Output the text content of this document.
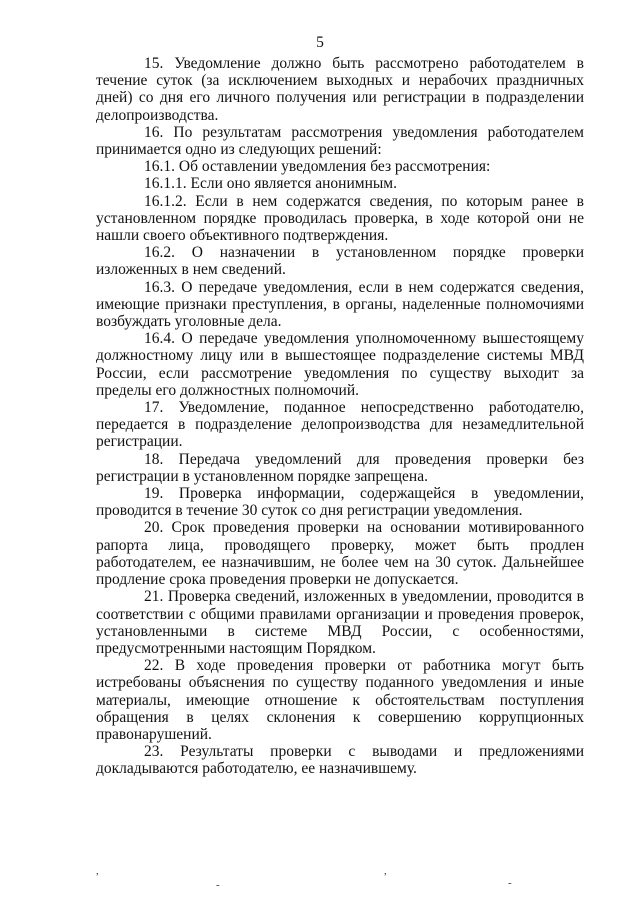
5

15. Уведомление должно быть рассмотрено работодателем в течение суток (за исключением выходных и нерабочих праздничных дней) со дня его личного получения или регистрации в подразделении делопроизводства.

16. По результатам рассмотрения уведомления работодателем принимается одно из следующих решений:

16.1. Об оставлении уведомления без рассмотрения:

16.1.1. Если оно является анонимным.

16.1.2. Если в нем содержатся сведения, по которым ранее в установленном порядке проводилась проверка, в ходе которой они не нашли своего объективного подтверждения.

16.2. О назначении в установленном порядке проверки изложенных в нем сведений.

16.3. О передаче уведомления, если в нем содержатся сведения, имеющие признаки преступления, в органы, наделенные полномочиями возбуждать уголовные дела.

16.4. О передаче уведомления уполномоченному вышестоящему должностному лицу или в вышестоящее подразделение системы МВД России, если рассмотрение уведомления по существу выходит за пределы его должностных полномочий.

17. Уведомление, поданное непосредственно работодателю, передается в подразделение делопроизводства для незамедлительной регистрации.

18. Передача уведомлений для проведения проверки без регистрации в установленном порядке запрещена.

19. Проверка информации, содержащейся в уведомлении, проводится в течение 30 суток со дня регистрации уведомления.

20. Срок проведения проверки на основании мотивированного рапорта лица, проводящего проверку, может быть продлен работодателем, ее назначившим, не более чем на 30 суток. Дальнейшее продление срока проведения проверки не допускается.

21. Проверка сведений, изложенных в уведомлении, проводится в соответствии с общими правилами организации и проведения проверок, установленными в системе МВД России, с особенностями, предусмотренными настоящим Порядком.

22. В ходе проведения проверки от работника могут быть истребованы объяснения по существу поданного уведомления и иные материалы, имеющие отношение к обстоятельствам поступления обращения в целях склонения к совершению коррупционных правонарушений.

23. Результаты проверки с выводами и предложениями докладываются работодателю, ее назначившему.

,
-
,
-
